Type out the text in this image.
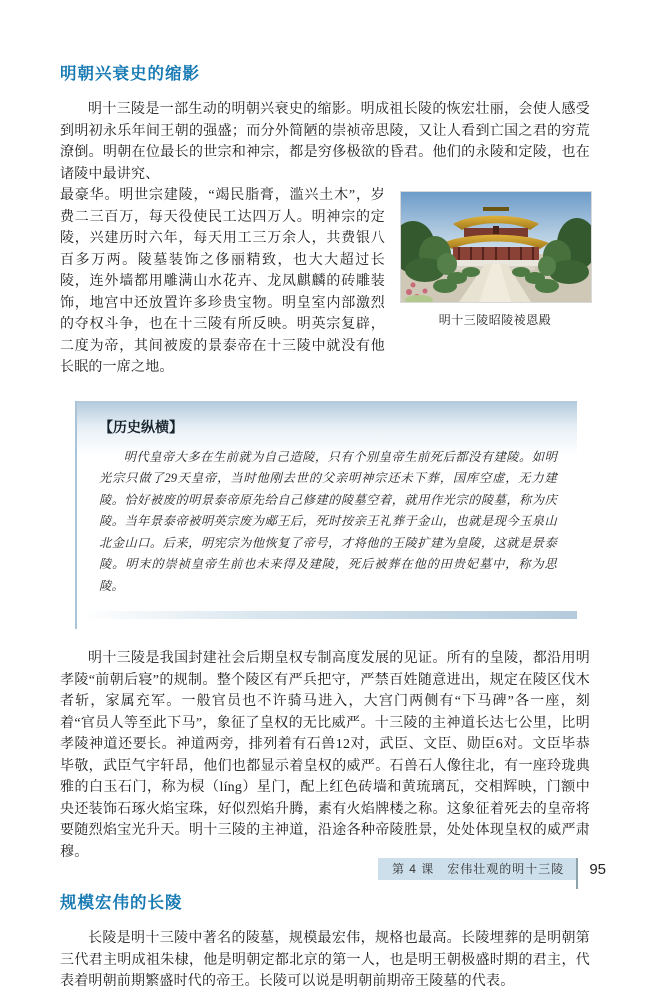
明朝兴衰史的缩影

明十三陵是一部生动的明朝兴衰史的缩影。明成祖长陵的恢宏壮丽，会使人感受到明初永乐年间王朝的强盛；而分外简陋的崇祯帝思陵，又让人看到亡国之君的穷荒潦倒。明朝在位最长的世宗和神宗，都是穷侈极欲的昏君。他们的永陵和定陵，也在诸陵中最讲究、

最豪华。明世宗建陵，“竭民脂膏，滥兴土木”，岁费二三百万，每天役使民工达四万人。明神宗的定陵，兴建历时六年，每天用工三万余人，共费银八百多万两。陵墓装饰之侈丽精致，也大大超过长陵，连外墙都用雕满山水花卉、龙凤麒麟的砖雕装饰，地宫中还放置许多珍贵宝物。明皇室内部激烈的夺权斗争，也在十三陵有所反映。明英宗复辟，二度为帝，其间被废的景泰帝在十三陵中就没有他长眠的一席之地。

明十三陵昭陵祾恩殿

【历史纵横】

明代皇帝大多在生前就为自己造陵，只有个别皇帝生前死后都没有建陵。如明光宗只做了29天皇帝，当时他刚去世的父亲明神宗还未下葬，国库空虚，无力建陵。恰好被废的明景泰帝原先给自己修建的陵墓空着，就用作光宗的陵墓，称为庆陵。当年景泰帝被明英宗废为郕王后，死时按亲王礼葬于金山，也就是现今玉泉山北金山口。后来，明宪宗为他恢复了帝号，才将他的王陵扩建为皇陵，这就是景泰陵。明末的崇祯皇帝生前也未来得及建陵，死后被葬在他的田贵妃墓中，称为思陵。

明十三陵是我国封建社会后期皇权专制高度发展的见证。所有的皇陵，都沿用明孝陵“前朝后寝”的规制。整个陵区有严兵把守，严禁百姓随意进出，规定在陵区伐木者斩，家属充军。一般官员也不许骑马进入，大宫门两侧有“下马碑”各一座，刻着“官员人等至此下马”，象征了皇权的无比威严。十三陵的主神道长达七公里，比明孝陵神道还要长。神道两旁，排列着有石兽12对，武臣、文臣、勋臣6对。文臣毕恭毕敬，武臣气宇轩昂，他们也都显示着皇权的威严。石兽石人像往北，有一座玲珑典雅的白玉石门，称为棂（líng）星门，配上红色砖墙和黄琉璃瓦，交相辉映，门额中央还装饰石琢火焰宝珠，好似烈焰升腾，素有火焰牌楼之称。这象征着死去的皇帝将要随烈焰宝光升天。明十三陵的主神道，沿途各种帝陵胜景，处处体现皇权的威严肃穆。

规模宏伟的长陵

长陵是明十三陵中著名的陵墓，规模最宏伟，规格也最高。长陵埋葬的是明朝第三代君主明成祖朱棣，他是明朝定都北京的第一人，也是明王朝极盛时期的君主，代表着明朝前期繁盛时代的帝王。长陵可以说是明朝前期帝王陵墓的代表。

第 4 课　宏伟壮观的明十三陵	95
